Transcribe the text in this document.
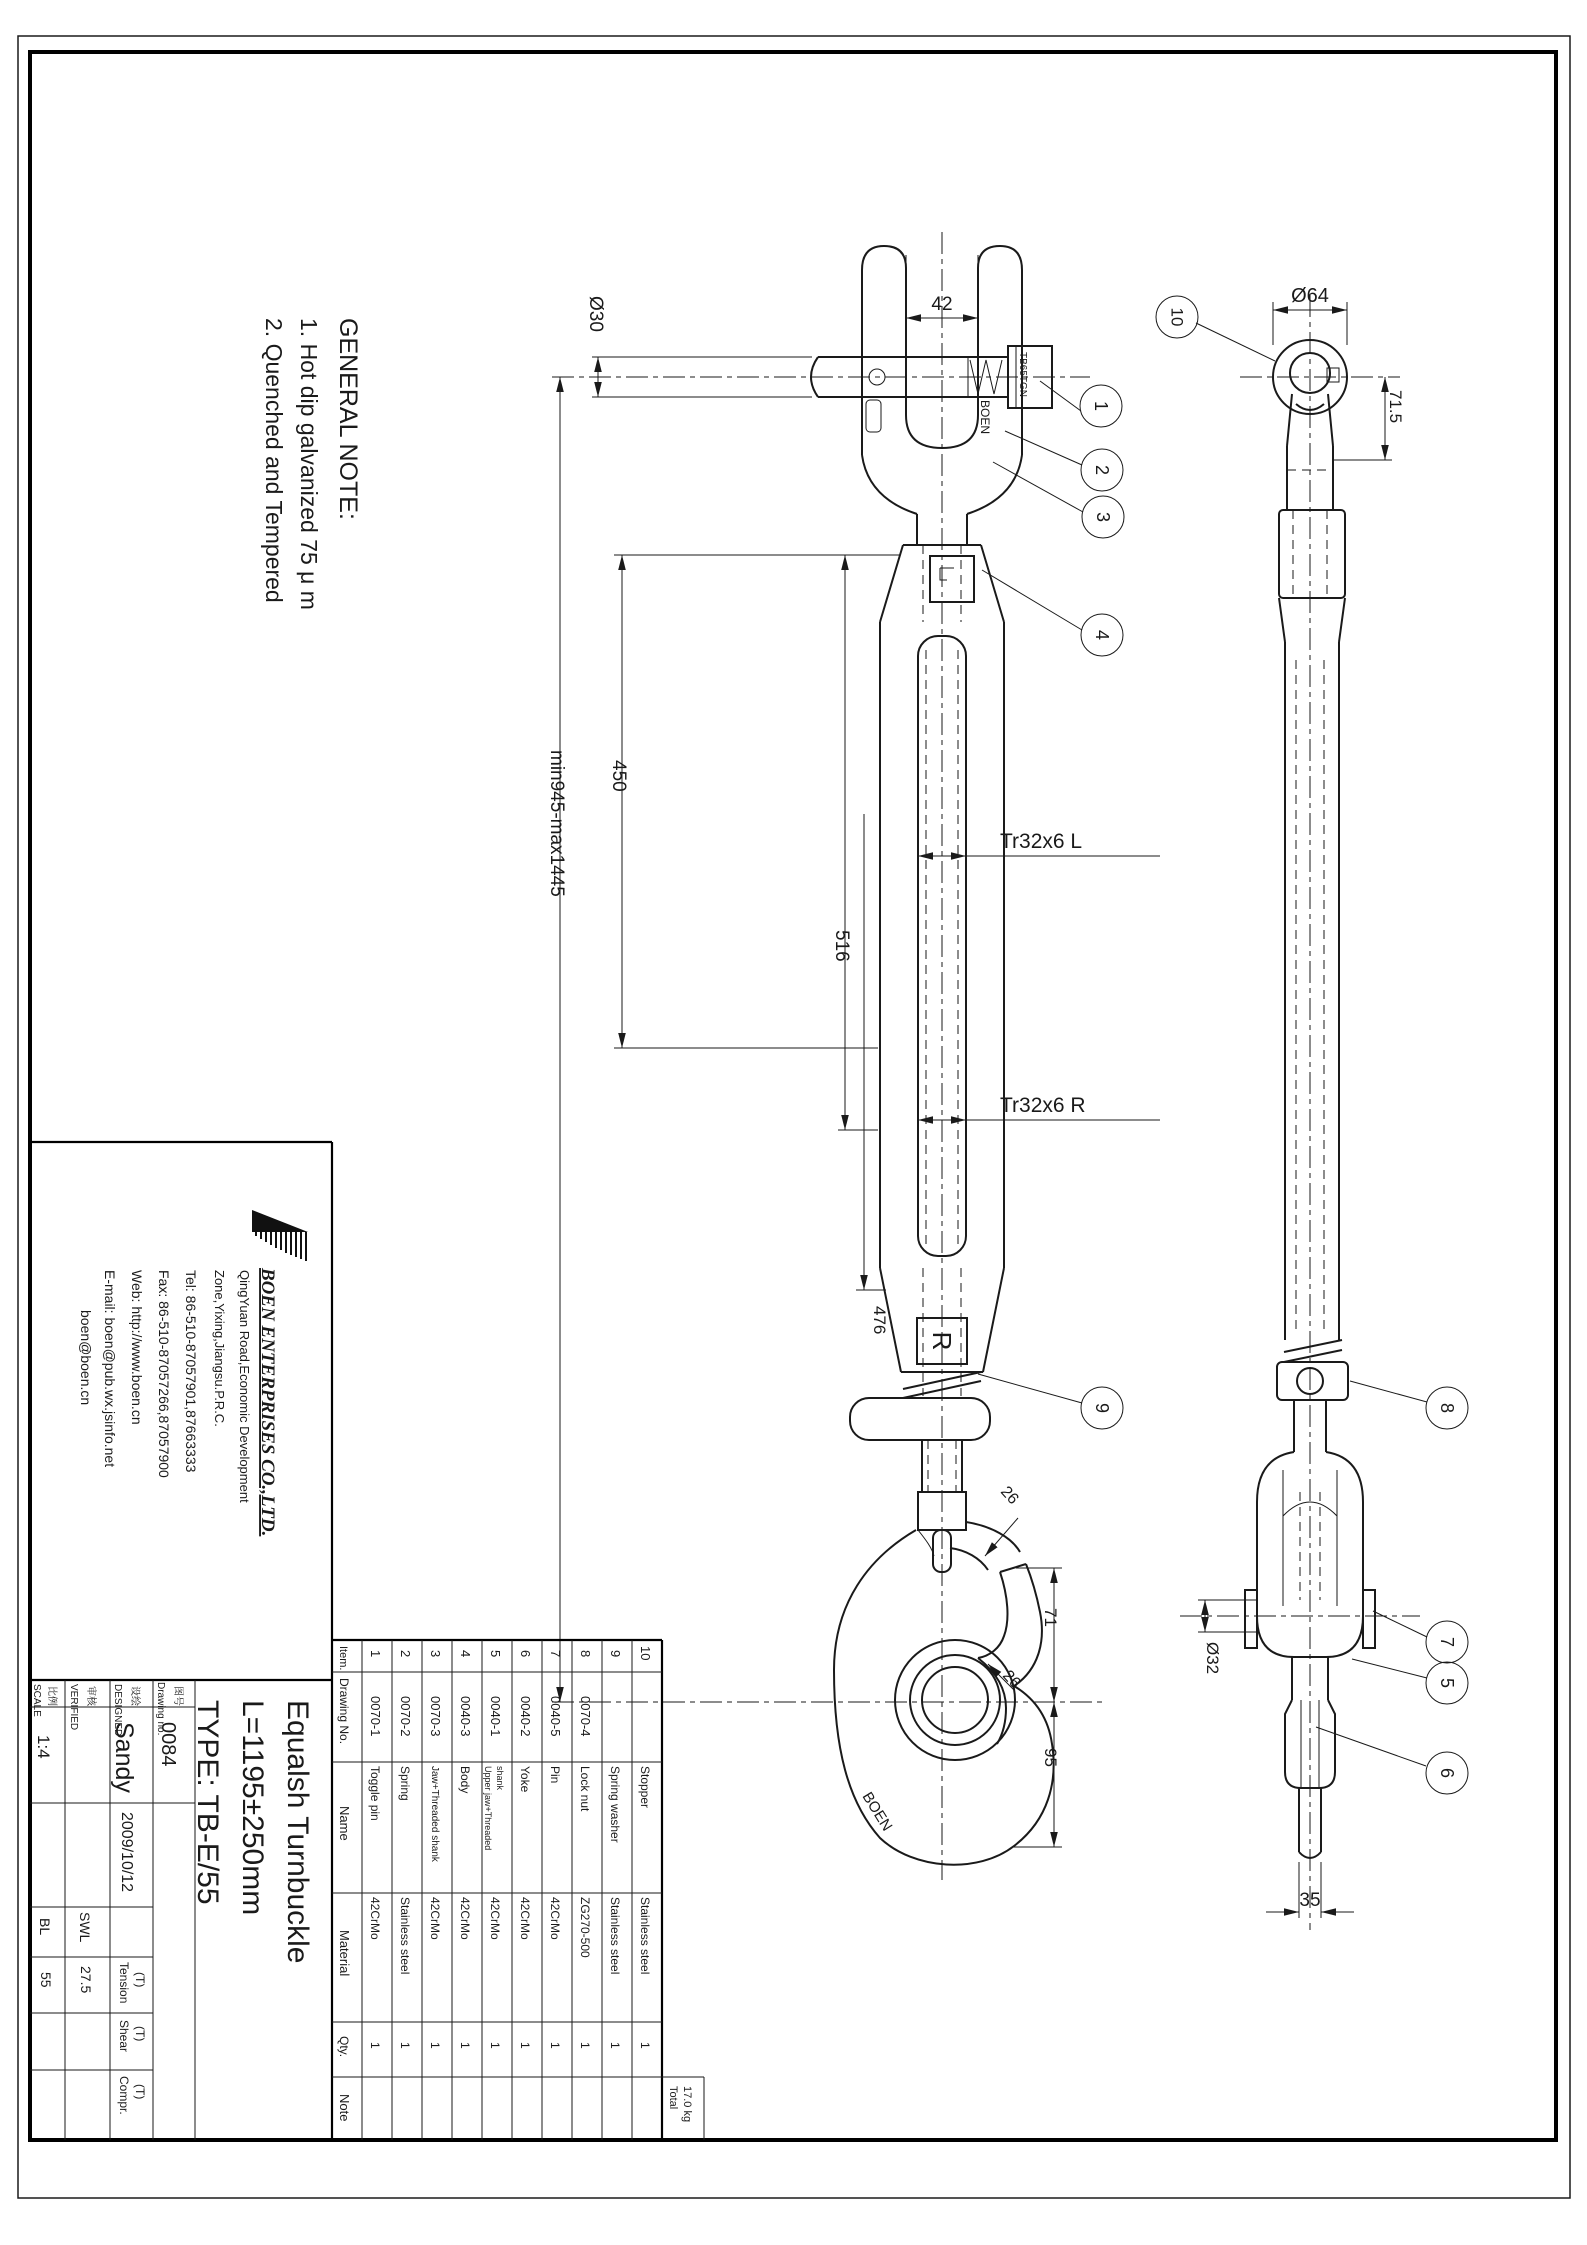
GENERAL NOTE:
1. Hot dip galvanized 75 μ m
2. Quenched and Tempered	TB65TGN
BOEN
R
BOEN
1
2
3
4
9
Ø30	42
min945-max1445 450
516
476
Tr32x6 L
Tr32x6 R
26
26
71
95
10
8
7
5
6
Ø64
71.5
Ø32
35
BOEN ENTERPRISES CO.,LTD.
QingYuan Road,Economic Development
Zone,Yixing,Jiangsu.P.R.C.
Tel: 86-510-87057901,87663333
Fax: 86-510-87057266,87057900
Web: http://www.boen.cn
E-mail: boen@pub.wx.jsinfo.net
boen@boen.cn
SCALE 比例 VERIFIED 审核 DESIGNED 设绘 Drawing no. 图号
1:4 Sandy
2009/10/12
0084
BL
55
SWL
27.5 Tension (T)
Shear (T)
Compr. (T)
Equalsh Turnbuckle
L=1195±250mm
TYPE: TB-E/55
Item.
Drawing No.
Name
Material
Qty.
Note
1
0070-1
Toggle pin
42CrMo
1
2
0070-2
Spring
Stainless steel
1
3
0070-3
Jaw+Threaded shank
42CrMo
1
4
0040-3
Body
42CrMo
1
5
0040-1
Upper jaw+Threaded shank
42CrMo
1
6
0040-2
Yoke
42CrMo
1
7
0040-5
Pin
42CrMo
1
8
0070-4
Lock nut
ZG270-500
1
9
Spring washer
Stainless steel
1
10
Stopper
Stainless steel
1
Total 17.0 kg
